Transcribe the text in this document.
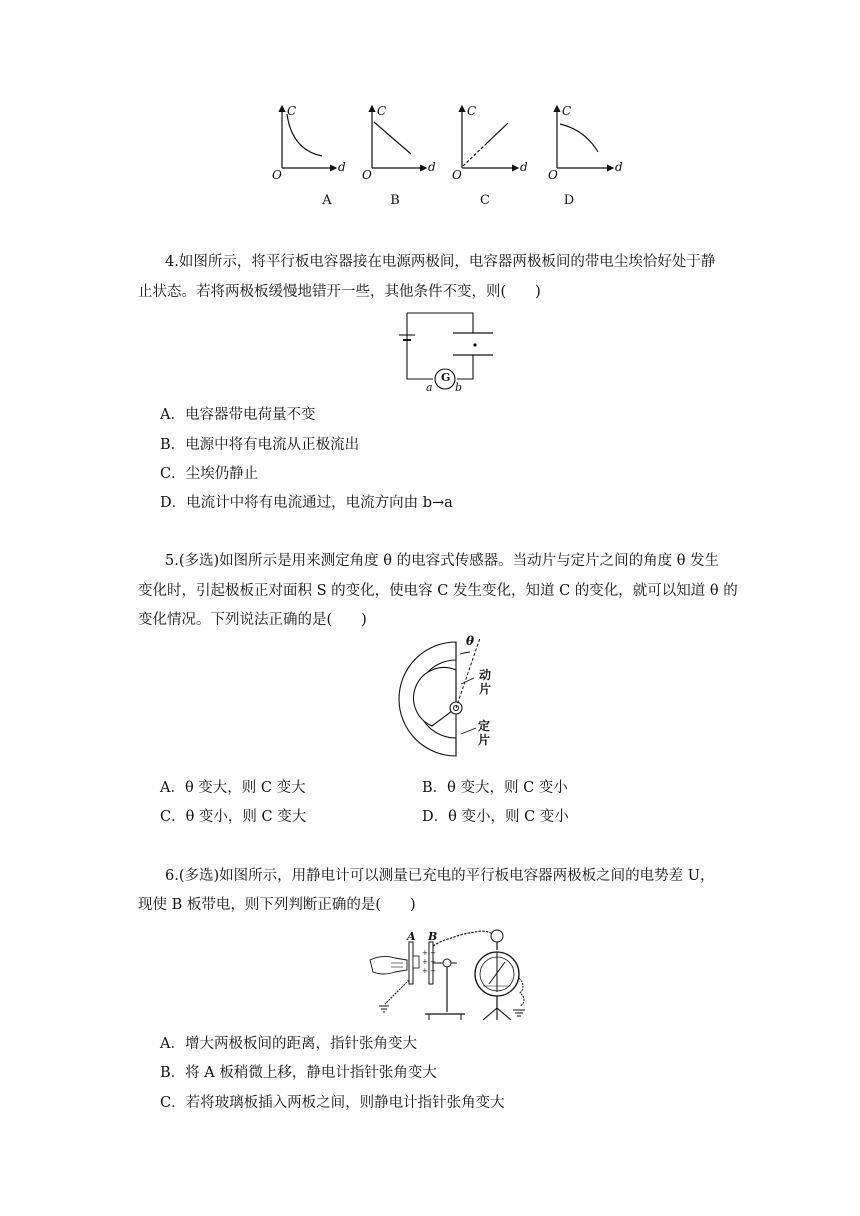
C
d
O
C
d
O
C
d
O
C
d
O
A	B	C	D
4.如图所示，将平行板电容器接在电源两极间，电容器两极板间的带电尘埃恰好处于静
止状态。若将两极板缓慢地错开一些，其他条件不变，则(　　)
G
a b
A．电容器带电荷量不变
B．电源中将有电流从正极流出
C．尘埃仍静止
D．电流计中将有电流通过，电流方向由 b→a
5.(多选)如图所示是用来测定角度 θ 的电容式传感器。当动片与定片之间的角度 θ 发生
变化时，引起极板正对面积 S 的变化，使电容 C 发生变化，知道 C 的变化，就可以知道 θ 的
变化情况。下列说法正确的是(　　)
θ
动
片
定
片
A．θ 变大，则 C 变大	B．θ 变大，则 C 变小
C．θ 变小，则 C 变大	D．θ 变小，则 C 变小
6.(多选)如图所示，用静电计可以测量已充电的平行板电容器两极板之间的电势差 U，
现使 B 板带电，则下列判断正确的是(　　)
+ +
+ +
+ +
A B
A．增大两极板间的距离，指针张角变大
B．将 A 板稍微上移，静电计指针张角变大
C．若将玻璃板插入两板之间，则静电计指针张角变大
